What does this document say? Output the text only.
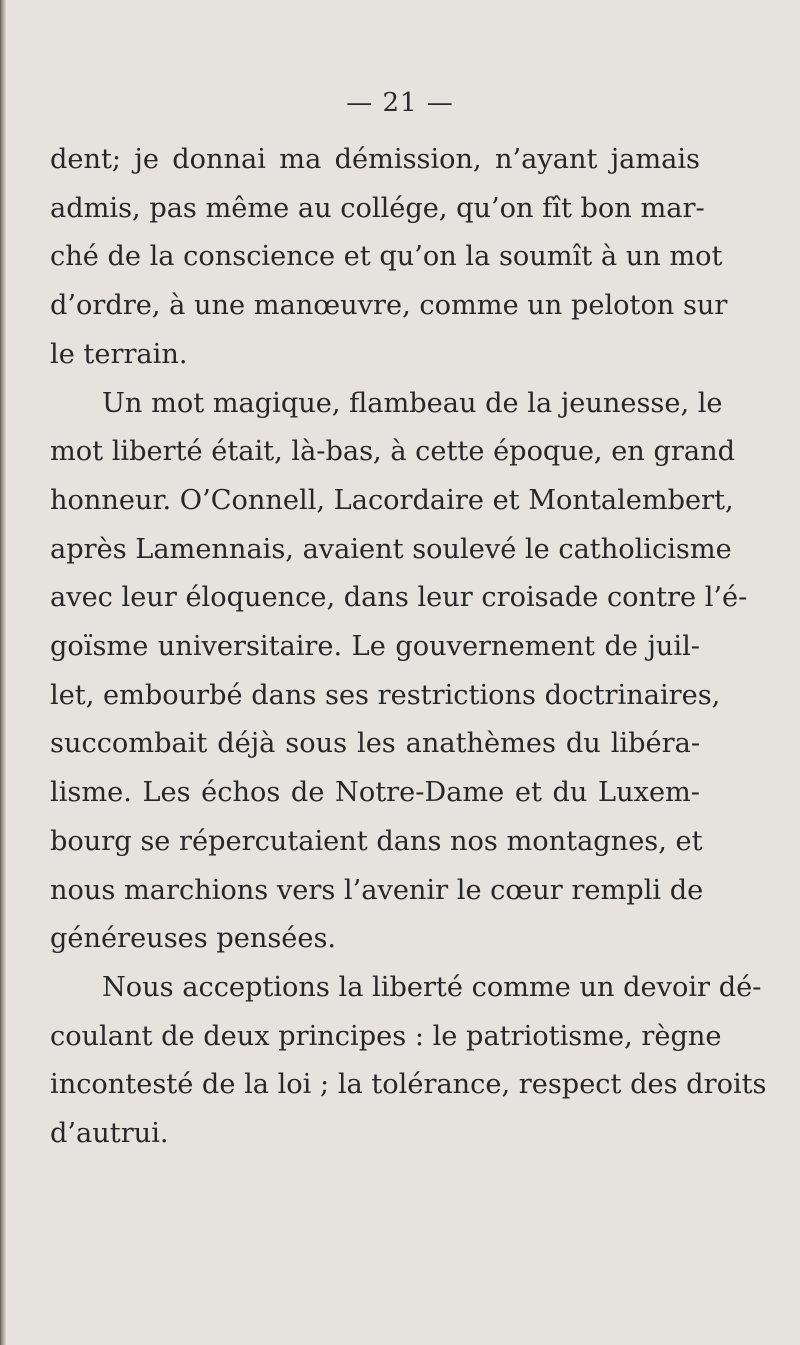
— 21 —
dent; je donnai ma démission, n’ayant jamais
admis, pas même au collége, qu’on fît bon mar-
ché de la conscience et qu’on la soumît à un mot
d’ordre, à une manœuvre, comme un peloton sur
le terrain.
Un mot magique, flambeau de la jeunesse, le
mot liberté était, là-bas, à cette époque, en grand
honneur. O’Connell, Lacordaire et Montalembert,
après Lamennais, avaient soulevé le catholicisme
avec leur éloquence, dans leur croisade contre l’é-
goïsme universitaire. Le gouvernement de juil-
let, embourbé dans ses restrictions doctrinaires,
succombait déjà sous les anathèmes du libéra-
lisme. Les échos de Notre-Dame et du Luxem-
bourg se répercutaient dans nos montagnes, et
nous marchions vers l’avenir le cœur rempli de
généreuses pensées.
Nous acceptions la liberté comme un devoir dé-
coulant de deux principes : le patriotisme, règne
incontesté de la loi ; la tolérance, respect des droits
d’autrui.
